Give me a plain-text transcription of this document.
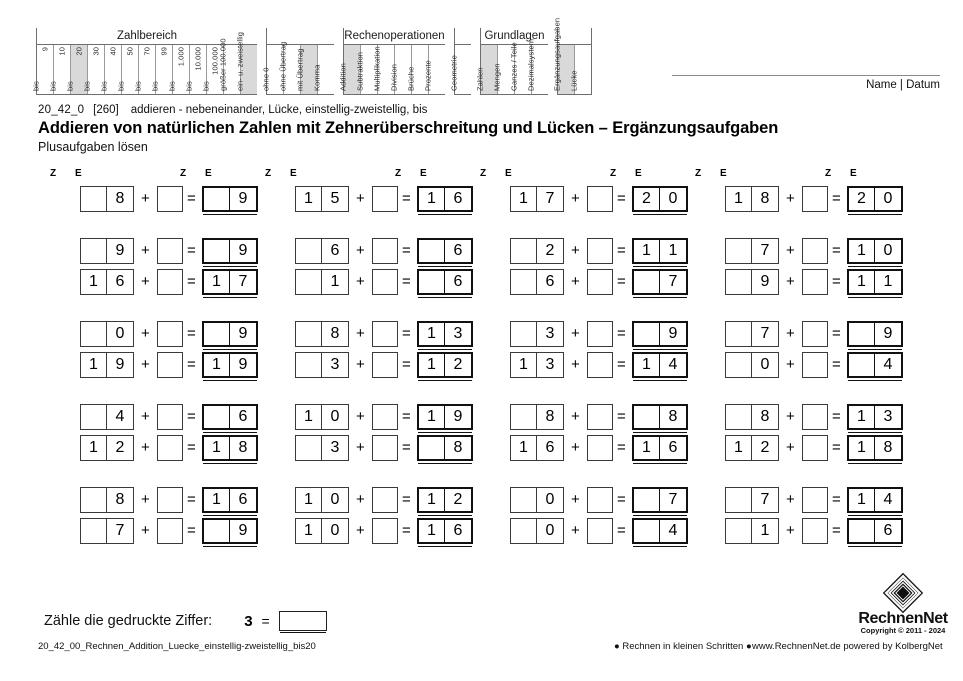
Zahlbereich
9
bis
10
bis
20
bis
30
bis
40
bis
50
bis
70
bis
99
bis
1.000
bis
10.000
bis
100.000
bis größer 100.000 ein- u. zweistellig ohne 0 ohne Übertrag mit Übertrag Komma
Rechenoperationen
Addition Subtraktion Multiplikation Division Brüche Prozente Geometrie
Grundlagen
Zahlen Mengen Ganzes / Teile Dezimalsystem Ergänzungsaufgaben Lücke	Name | Datum
20_42_0 [260] addieren - nebeneinander, Lücke, einstellig-zweistellig, bis
Addieren von natürlichen Zahlen mit Zehnerüberschreitung und Lücken – Ergänzungsaufgaben
Plusaufgaben lösen
Z E	Z E
8	+ =	9
9	+ =	9
1	6	+ =	1	7
0	+ =	9
1	9	+ =	1	9
4	+ =	6
1	2	+ =	1	8
8	+ =	1	6
7	+ =	9
Z E	Z E
1	5	+ =	1	6
6	+ =	6
1	+ =	6
8	+ =	1	3
3	+ =	1	2
1	0	+ =	1	9
3	+ =	8
1	0	+ =	1	2
1	0	+ =	1	6
Z E	Z E
1	7	+ =	2	0
2	+ =	1	1
6	+ =	7
3	+ =	9
1	3	+ =	1	4
8	+ =	8
1	6	+ =	1	6
0	+ =	7
0	+ =	4
Z E	Z E
1	8	+ =	2	0
7	+ =	1	0
9	+ =	1	1
7	+ =	9
0	+ =	4
8	+ =	1	3
1	2	+ =	1	8
7	+ =	1	4
1	+ =	6
Zähle die gedruckte Ziffer: 3 =
20_42_00_Rechnen_Addition_Luecke_einstellig-zweistellig_bis20	● Rechnen in kleinen Schritten ● www.RechnenNet.de powered by KolbergNet
RechnenNet
Copyright © 2011 - 2024
